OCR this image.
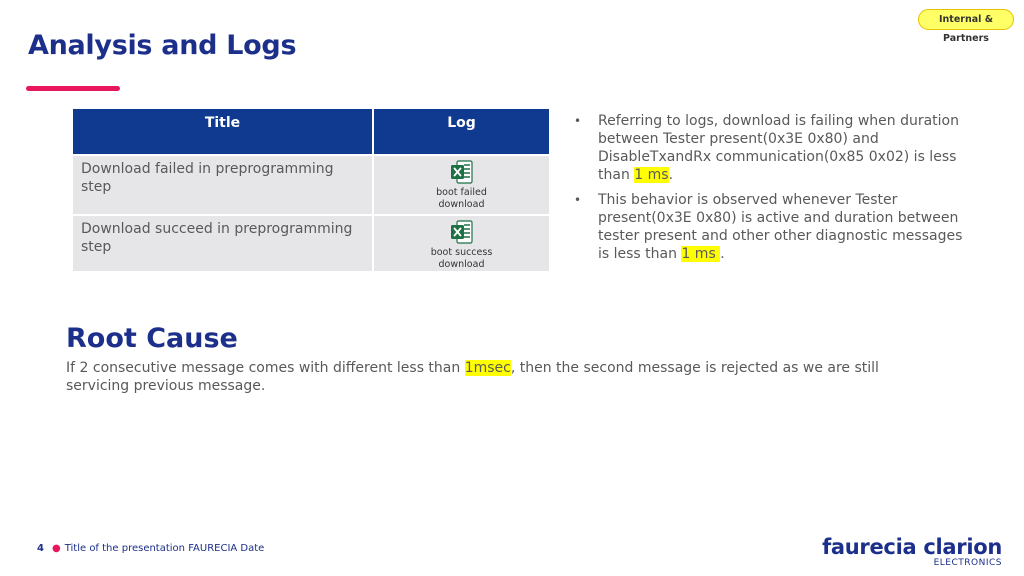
Internal & Partners
Analysis and Logs
Title	Log
Download failed in preprogramming step	boot failed
download

Download succeed in preprogramming step	boot success
download
• Referring to logs, download is failing when duration between Tester present(0x3E 0x80) and DisableTxandRx communication(0x85 0x02) is less than 1 ms.
• This behavior is observed whenever Tester present(0x3E 0x80) is active and duration between tester present and other other diagnostic messages is less than 1 ms .
Root Cause

If 2 consecutive message comes with different less than 1msec, then the second message is rejected as we are still servicing previous message.

4 ● Title of the presentation FAURECIA Date	faurecia clarion
ELECTRONICS
